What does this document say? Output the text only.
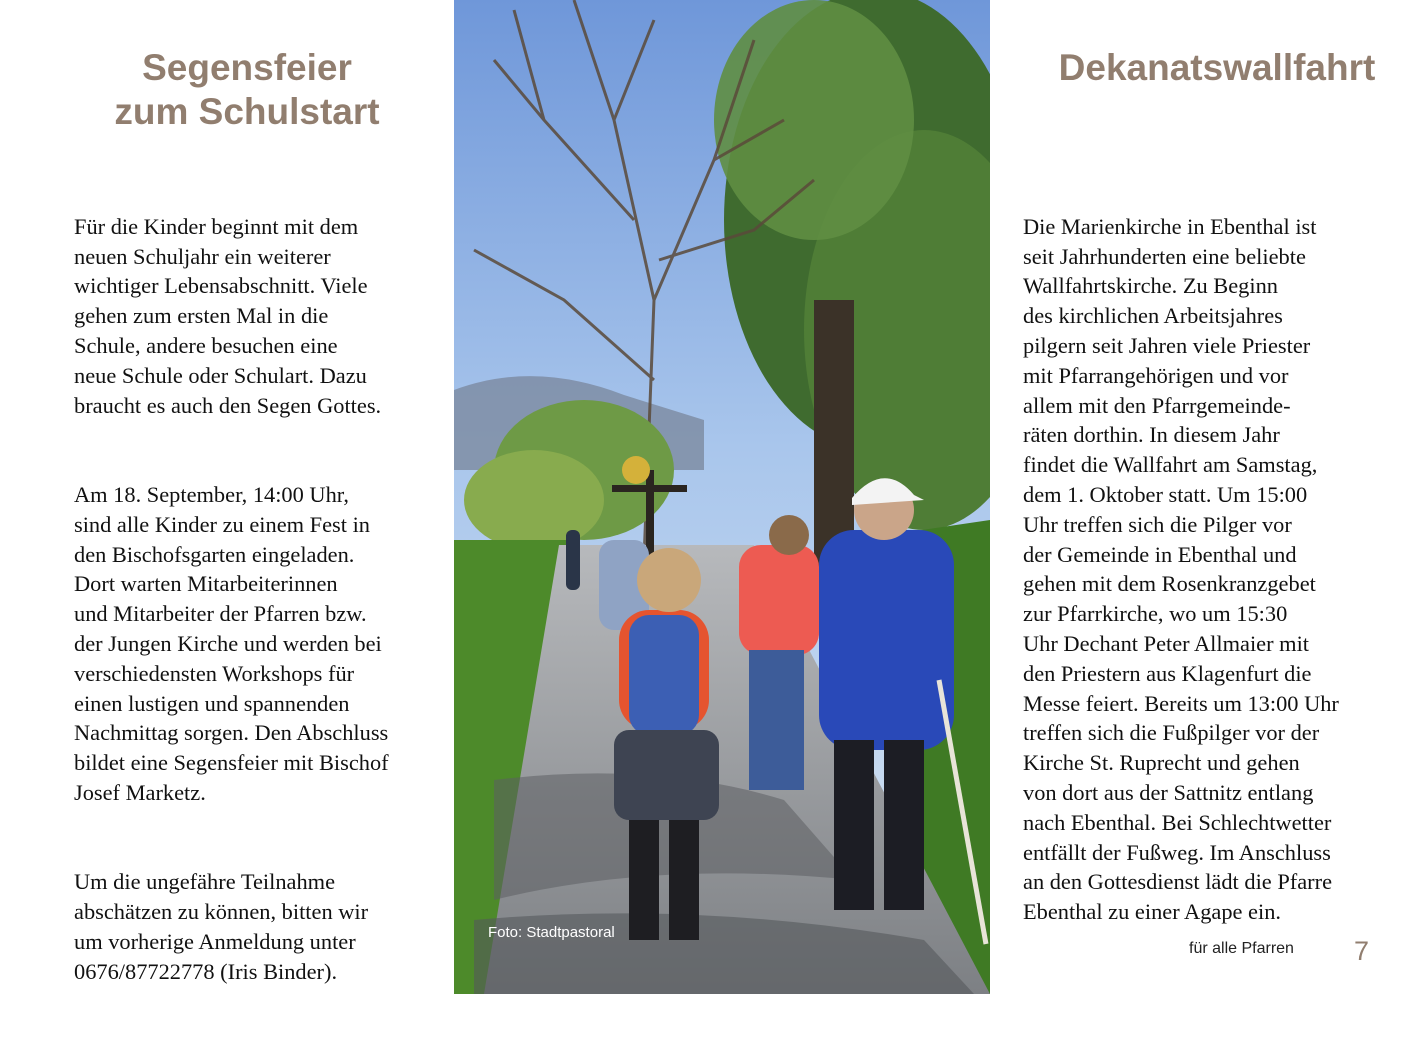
Segensfeier
zum Schulstart

Für die Kinder beginnt mit dem
neuen Schuljahr ein weiterer
wichtiger Lebensabschnitt. Viele
gehen zum ersten Mal in die
Schule, andere besuchen eine
neue Schule oder Schulart. Dazu
braucht es auch den Segen Gottes.

Am 18. September, 14:00 Uhr,
sind alle Kinder zu einem Fest in
den Bischofsgarten eingeladen.
Dort warten Mitarbeiterinnen
und Mitarbeiter der Pfarren bzw.
der Jungen Kirche und werden bei
verschiedensten Workshops für
einen lustigen und spannenden
Nachmittag sorgen. Den Abschluss
bildet eine Segensfeier mit Bischof
Josef Marketz.

Um die ungefähre Teilnahme
abschätzen zu können, bitten wir
um vorherige Anmeldung unter
0676/87722778 (Iris Binder).

Foto: Stadtpastoral
Dekanatswallfahrt

Die Marienkirche in Ebenthal ist
seit Jahrhunderten eine beliebte
Wallfahrtskirche. Zu Beginn
des kirchlichen Arbeitsjahres
pilgern seit Jahren viele Priester
mit Pfarrangehörigen und vor
allem mit den Pfarrgemeinde-
räten dorthin. In diesem Jahr
findet die Wallfahrt am Samstag,
dem 1. Oktober statt. Um 15:00
Uhr treffen sich die Pilger vor
der Gemeinde in Ebenthal und
gehen mit dem Rosenkranzgebet
zur Pfarrkirche, wo um 15:30
Uhr Dechant Peter Allmaier mit
den Priestern aus Klagenfurt die
Messe feiert. Bereits um 13:00 Uhr
treffen sich die Fußpilger vor der
Kirche St. Ruprecht und gehen
von dort aus der Sattnitz entlang
nach Ebenthal. Bei Schlechtwetter
entfällt der Fußweg. Im Anschluss
an den Gottesdienst lädt die Pfarre
Ebenthal zu einer Agape ein.

für alle Pfarren 7
